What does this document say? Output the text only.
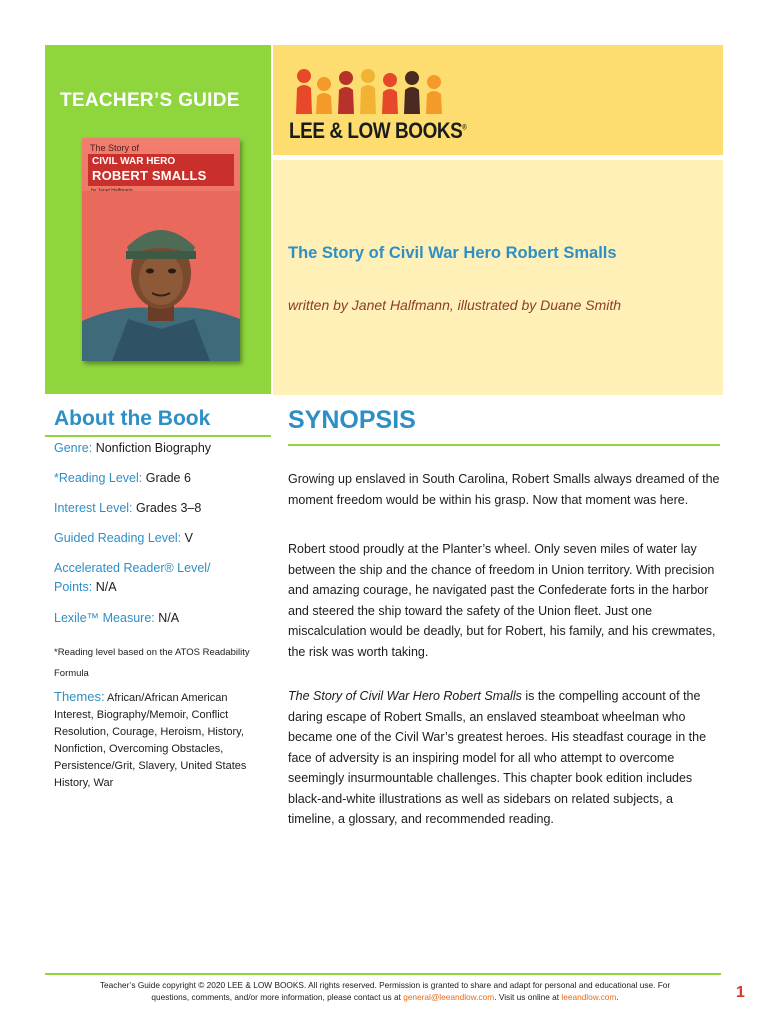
TEACHER’S GUIDE
The Story of
CIVIL WAR HERO
ROBERT SMALLS
LEE & LOW BOOKS®
The Story of Civil War Hero Robert Smalls
written by Janet Halfmann, illustrated by Duane Smith
About the Book
Genre: Nonfiction Biography
*Reading Level: Grade 6
Interest Level: Grades 3–8
Guided Reading Level: V
Accelerated Reader® Level/ Points: N/A
Lexile™ Measure: N/A
*Reading level based on the ATOS Readability Formula
Themes: African/African American Interest, Biography/Memoir, Conflict Resolution, Courage, Heroism, History, Nonfiction, Overcoming Obstacles, Persistence/Grit, Slavery, United States History, War
SYNOPSIS

Growing up enslaved in South Carolina, Robert Smalls always dreamed of the moment freedom would be within his grasp. Now that moment was here.

Robert stood proudly at the Planter’s wheel. Only seven miles of water lay between the ship and the chance of freedom in Union territory. With precision and amazing courage, he navigated past the Confederate forts in the harbor and steered the ship toward the safety of the Union fleet. Just one miscalculation would be deadly, but for Robert, his family, and his crewmates, the risk was worth taking.

The Story of Civil War Hero Robert Smalls is the compelling account of the daring escape of Robert Smalls, an enslaved steamboat wheelman who became one of the Civil War’s greatest heroes. His steadfast courage in the face of adversity is an inspiring model for all who attempt to overcome seemingly insurmountable challenges. This chapter book edition includes black-and-white illustrations as well as sidebars on related subjects, a timeline, a glossary, and recommended reading.

Teacher’s Guide copyright © 2020 LEE & LOW BOOKS. All rights reserved. Permission is granted to share and adapt for personal and educational use. For
questions, comments, and/or more information, please contact us at general@leeandlow.com. Visit us online at leeandlow.com.	1
